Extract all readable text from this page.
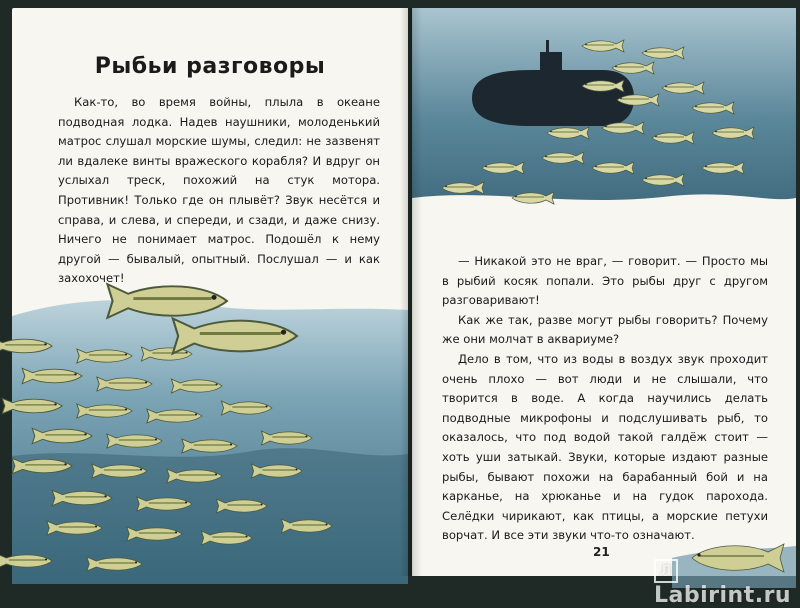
Рыбьи разговоры
Как-то, во время войны, плыла в океане подводная лодка. Надев наушники, молоденький матрос слушал морские шумы, следил: не зазвенят ли вдалеке винты вражеского корабля? И вдруг он услыхал треск, похожий на стук мотора. Противник! Только где он плывёт? Звук несётся и справа, и слева, и спереди, и сзади, и даже снизу. Ничего не понимает матрос. Подошёл к нему другой — бывалый, опытный. Послушал — и как захохочет!

— Никакой это не враг, — говорит. — Просто мы в рыбий косяк попали. Это рыбы друг с другом разговаривают!

Как же так, разве могут рыбы говорить? Почему же они молчат в аквариуме?

Дело в том, что из воды в воздух звук проходит очень плохо — вот люди и не слышали, что творится в воде. А когда научились делать подводные микрофоны и подслушивать рыб, то оказалось, что под водой такой галдёж стоит — хоть уши затыкай. Звуки, которые издают разные рыбы, бывают похожи на барабанный бой и на карканье, на хрюканье и на гудок парохода. Селёдки чирикают, как птицы, а морские петухи ворчат. И все эти звуки что-то означают.

21
ЛLabirint.ru
